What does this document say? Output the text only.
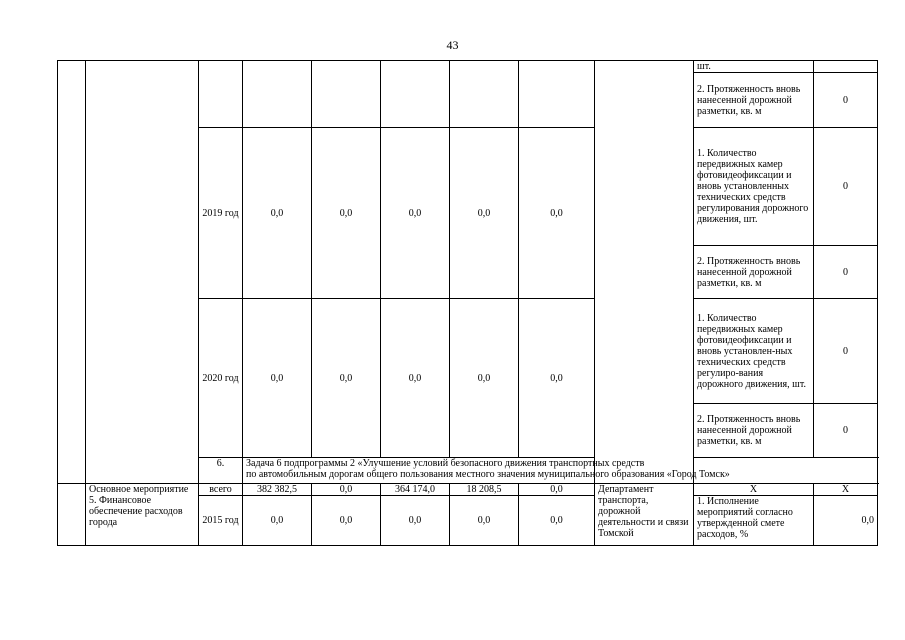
43
									шт.	
									2. Протяженность вновь нанесенной дорожной разметки, кв. м	0
		2019 год	0,0	0,0	0,0	0,0	0,0		1. Количество передвижных камер фотовидеофиксации и вновь установленных технических средств регулирования дорожного движения, шт.	0
									2. Протяженность вновь нанесенной дорожной разметки, кв. м	0
		2020 год	0,0	0,0	0,0	0,0	0,0		1. Количество передвижных камер фотовидеофиксации и вновь установлен-ных технических средств регулиро-вания дорожного движения, шт.	0
									2. Протяженность вновь нанесенной дорожной разметки, кв. м	0
		6.	Задача 6 подпрограммы 2 «Улучшение условий безопасного движения транспортных средств
по автомобильным дорогам общего пользования местного значения муниципального образования «Город Томск»							

	Основное мероприятие 5. Финансовое обеспечение расходов города	всего	382 382,5	0,0	364 174,0	18 208,5	0,0	Департамент транспорта, дорожной деятельности и связи Томской	Х	Х
		2015 год	0,0	0,0	0,0	0,0	0,0		1. Исполнение мероприятий согласно утвержденной смете расходов, %	0,0
